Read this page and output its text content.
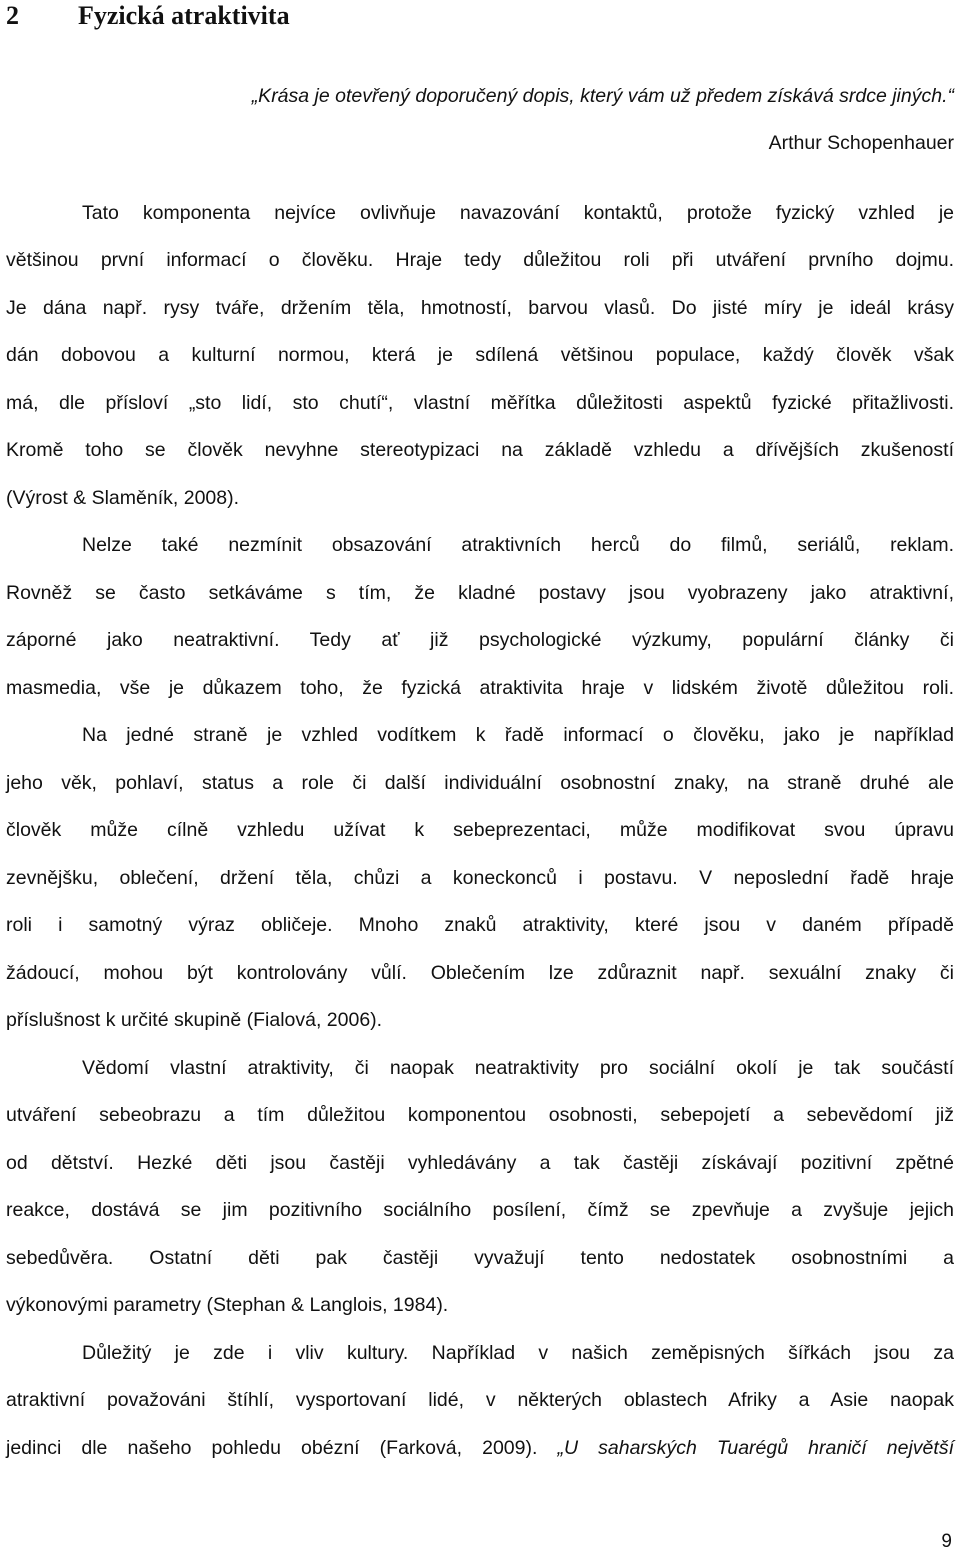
2 Fyzická atraktivita
„Krása je otevřený doporučený dopis, který vám už předem získává srdce jiných.“
Arthur Schopenhauer
Tato komponenta nejvíce ovlivňuje navazování kontaktů, protože fyzický vzhled je
většinou první informací o člověku. Hraje tedy důležitou roli při utváření prvního dojmu.
Je dána např. rysy tváře, držením těla, hmotností, barvou vlasů. Do jisté míry je ideál krásy
dán dobovou a kulturní normou, která je sdílená většinou populace, každý člověk však
má, dle přísloví „sto lidí, sto chutí“, vlastní měřítka důležitosti aspektů fyzické přitažlivosti.
Kromě toho se člověk nevyhne stereotypizaci na základě vzhledu a dřívějších zkušeností
(Výrost & Slaměník, 2008).
Nelze také nezmínit obsazování atraktivních herců do filmů, seriálů, reklam.
Rovněž se často setkáváme s tím, že kladné postavy jsou vyobrazeny jako atraktivní,
záporné jako neatraktivní. Tedy ať již psychologické výzkumy, populární články či
masmedia, vše je důkazem toho, že fyzická atraktivita hraje v lidském životě důležitou roli.
Na jedné straně je vzhled vodítkem k řadě informací o člověku, jako je například
jeho věk, pohlaví, status a role či další individuální osobnostní znaky, na straně druhé ale
člověk může cílně vzhledu užívat k sebeprezentaci, může modifikovat svou úpravu
zevnějšku, oblečení, držení těla, chůzi a koneckonců i postavu. V neposlední řadě hraje
roli i samotný výraz obličeje. Mnoho znaků atraktivity, které jsou v daném případě
žádoucí, mohou být kontrolovány vůlí. Oblečením lze zdůraznit např. sexuální znaky či
příslušnost k určité skupině (Fialová, 2006).
Vědomí vlastní atraktivity, či naopak neatraktivity pro sociální okolí je tak součástí
utváření sebeobrazu a tím důležitou komponentou osobnosti, sebepojetí a sebevědomí již
od dětství. Hezké děti jsou častěji vyhledávány a tak častěji získávají pozitivní zpětné
reakce, dostává se jim pozitivního sociálního posílení, čímž se zpevňuje a zvyšuje jejich
sebedůvěra. Ostatní děti pak častěji vyvažují tento nedostatek osobnostními a
výkonovými parametry (Stephan & Langlois, 1984).
Důležitý je zde i vliv kultury. Například v našich zeměpisných šířkách jsou za
atraktivní považováni štíhlí, vysportovaní lidé, v některých oblastech Afriky a Asie naopak
jedinci dle našeho pohledu obézní (Farková, 2009). „U saharských Tuarégů hraničí největší
9
